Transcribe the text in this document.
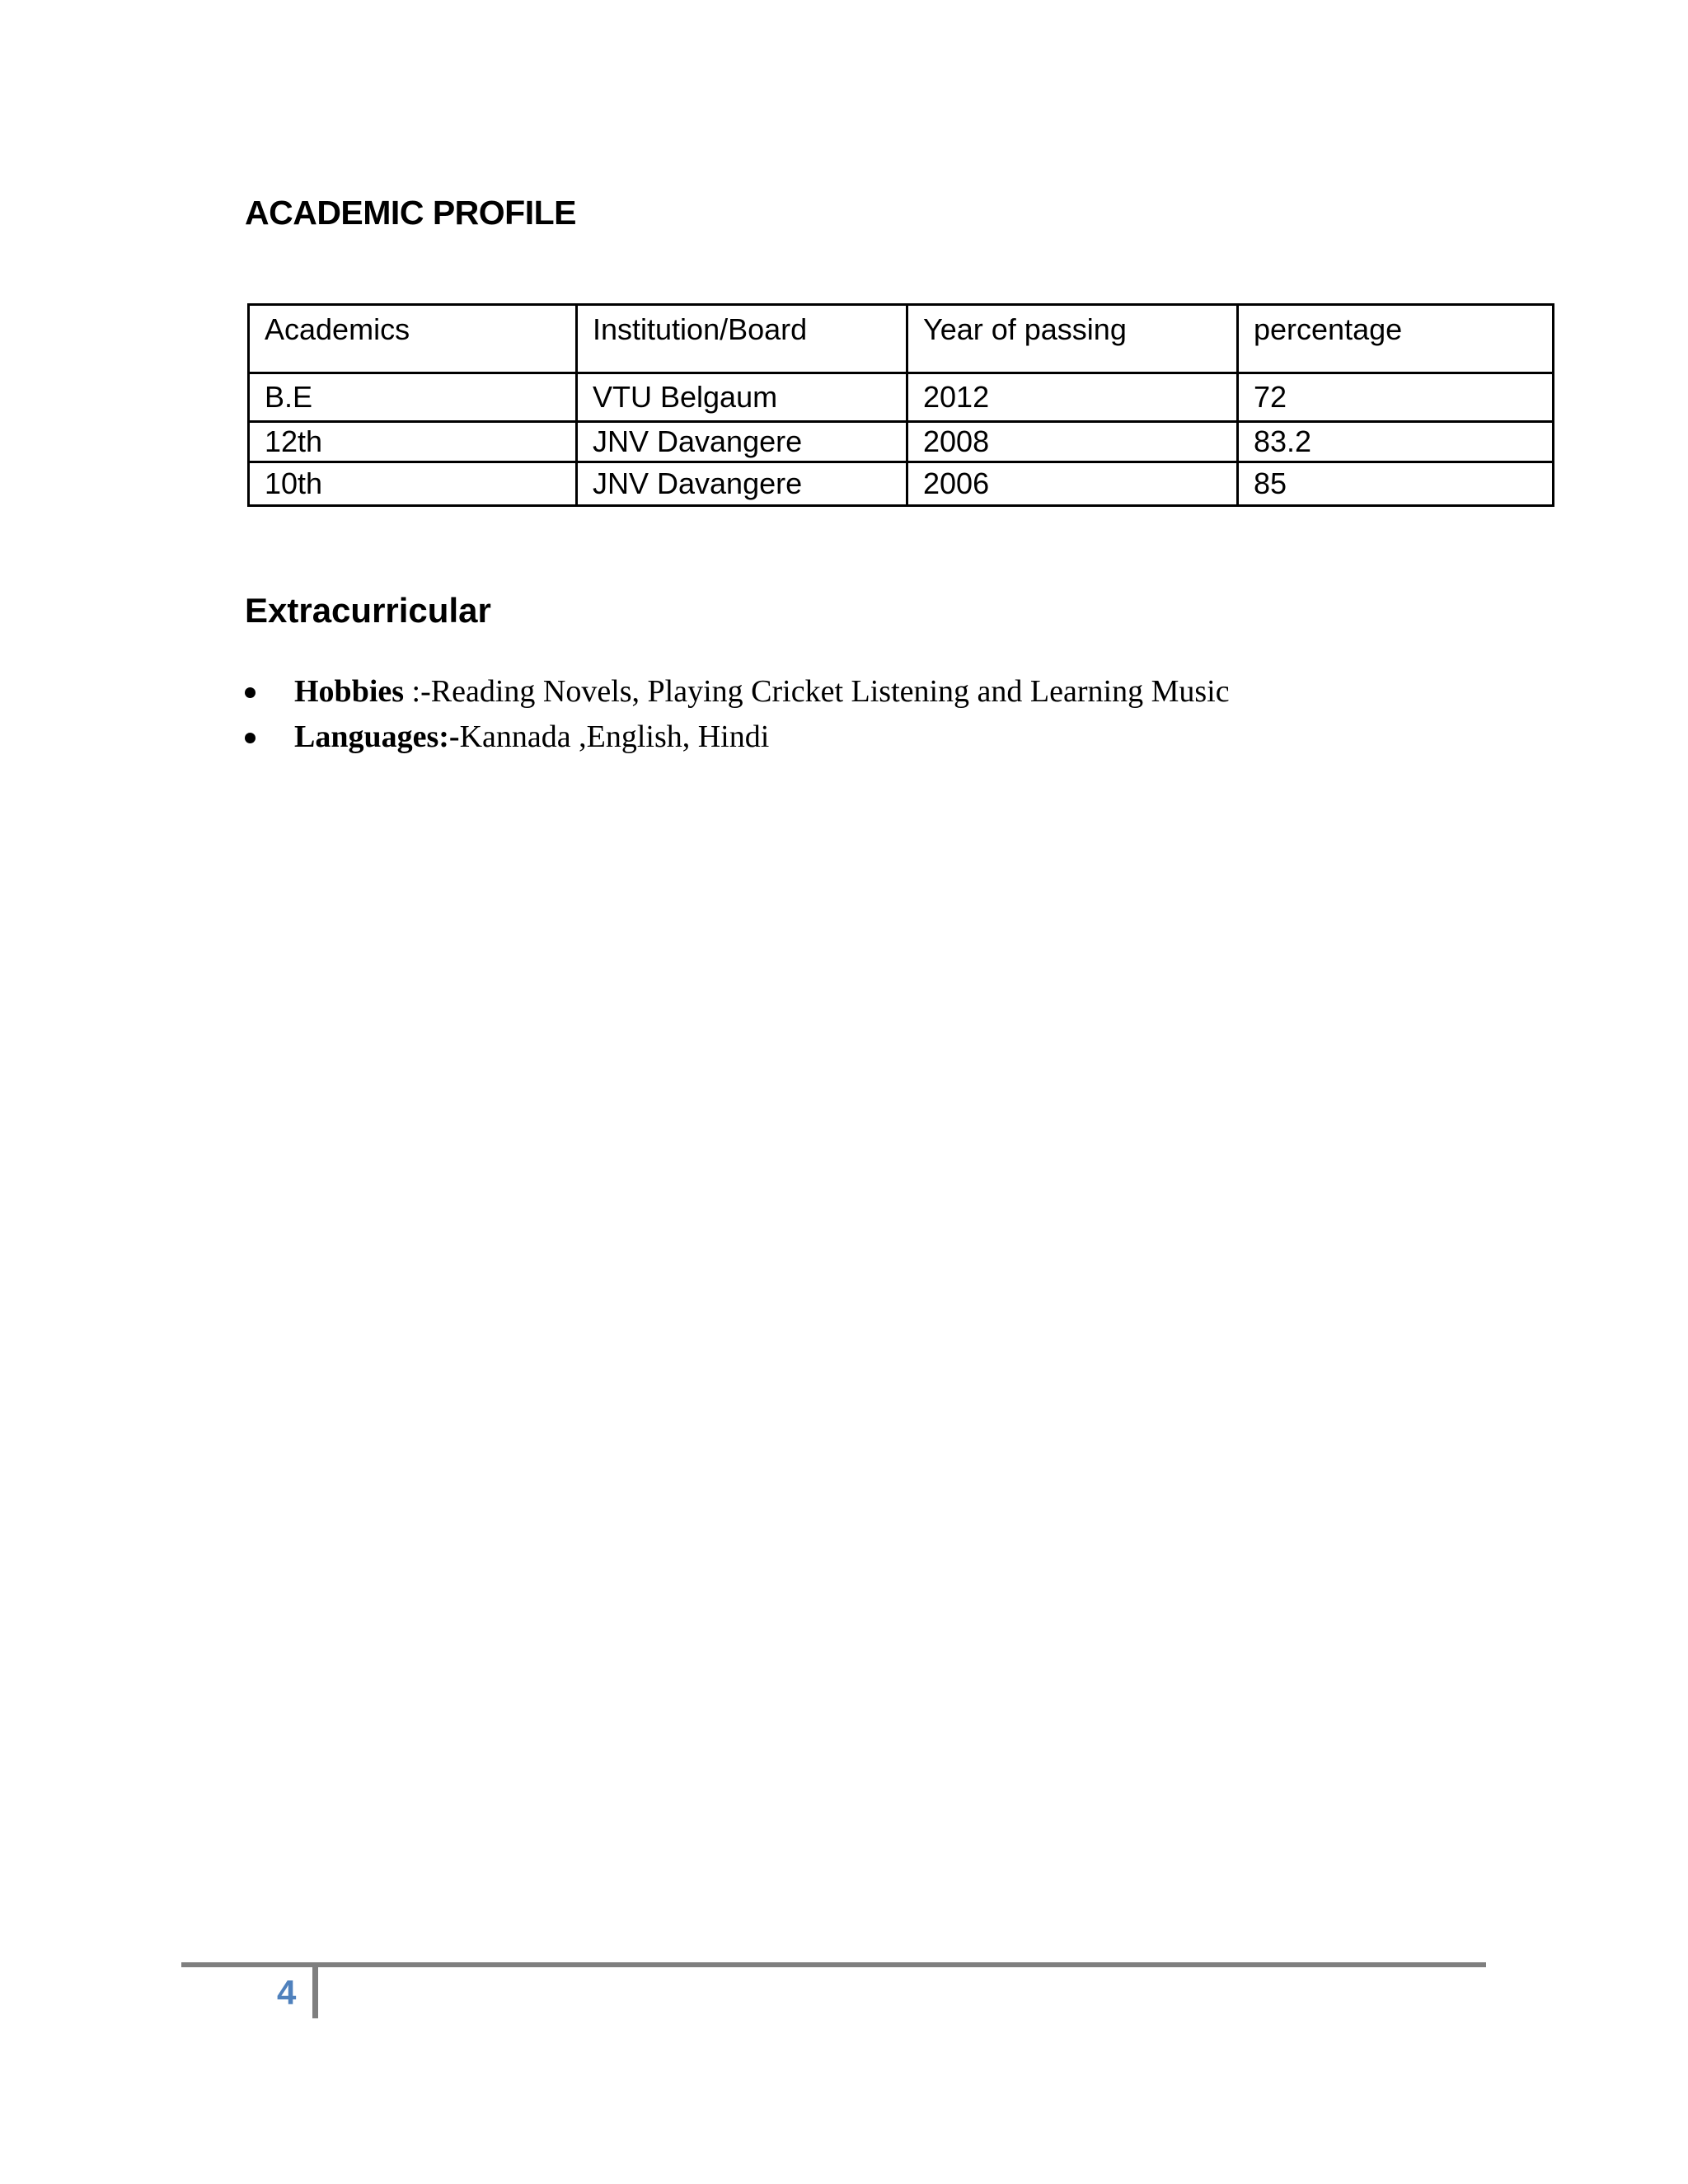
ACADEMIC PROFILE
Academics	Institution/Board	Year of passing	percentage
B.E	VTU Belgaum	2012	72
12th	JNV Davangere	2008	83.2
10th	JNV Davangere	2006	85
Extracurricular
Hobbies :-Reading Novels, Playing Cricket Listening and Learning Music
Languages:-Kannada ,English, Hindi
4
